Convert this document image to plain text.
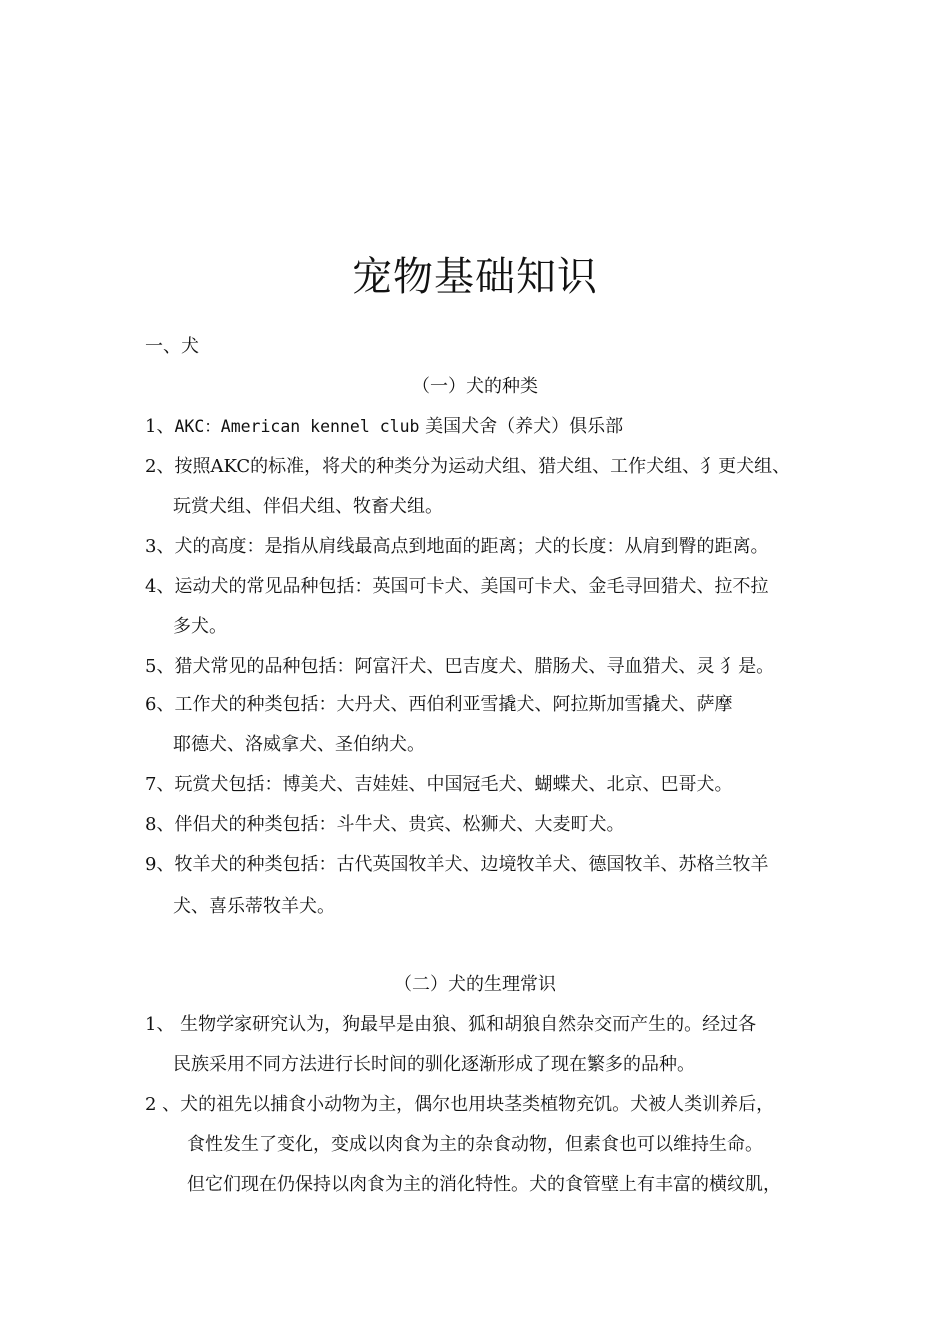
宠物基础知识
一、犬
（一）犬的种类
1、AKC：American kennel club 美国犬舍（养犬）俱乐部
2、按照AKC的标准，将犬的种类分为运动犬组、猎犬组、工作犬组、犭更犬组、
玩赏犬组、伴侣犬组、牧畜犬组。
3、犬的高度：是指从肩线最高点到地面的距离；犬的长度：从肩到臀的距离。
4、运动犬的常见品种包括：英国可卡犬、美国可卡犬、金毛寻回猎犬、拉不拉
多犬。
5、猎犬常见的品种包括：阿富汗犬、巴吉度犬、腊肠犬、寻血猎犬、灵 犭是。
6、工作犬的种类包括：大丹犬、西伯利亚雪撬犬、阿拉斯加雪撬犬、萨摩
耶德犬、洛威拿犬、圣伯纳犬。
7、玩赏犬包括：博美犬、吉娃娃、中国冠毛犬、蝴蝶犬、北京、巴哥犬。
8、伴侣犬的种类包括：斗牛犬、贵宾、松狮犬、大麦町犬。
9、牧羊犬的种类包括：古代英国牧羊犬、边境牧羊犬、德国牧羊、苏格兰牧羊
犬、喜乐蒂牧羊犬。
（二）犬的生理常识
1、 生物学家研究认为，狗最早是由狼、狐和胡狼自然杂交而产生的。经过各
民族采用不同方法进行长时间的驯化逐渐形成了现在繁多的品种。
2 、犬的祖先以捕食小动物为主，偶尔也用块茎类植物充饥。犬被人类训养后，
食性发生了变化，变成以肉食为主的杂食动物，但素食也可以维持生命。
但它们现在仍保持以肉食为主的消化特性。犬的食管壁上有丰富的横纹肌，
